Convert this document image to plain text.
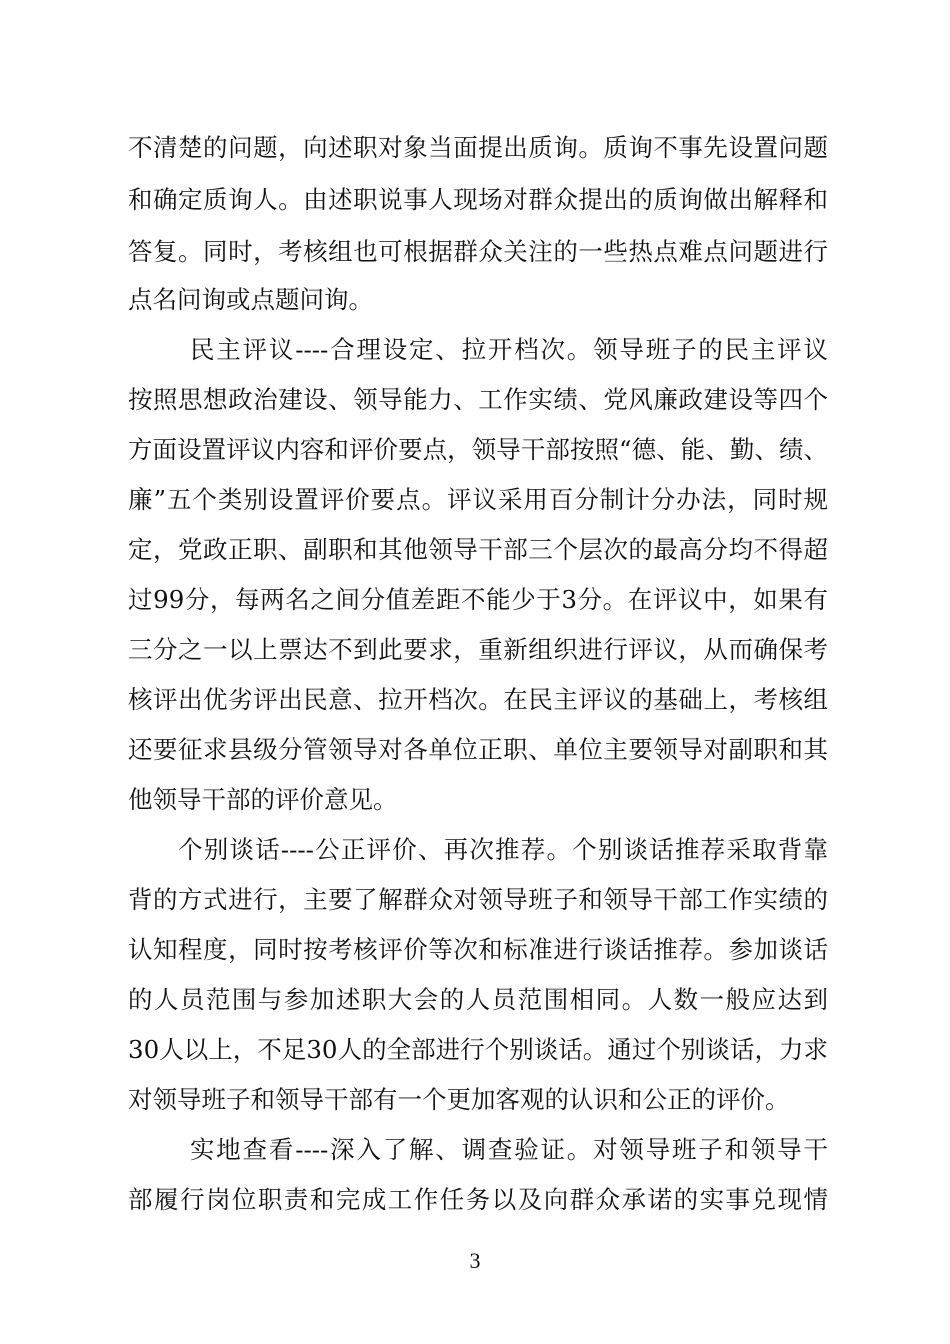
不清楚的问题，向述职对象当面提出质询。质询不事先设置问题
和确定质询人。由述职说事人现场对群众提出的质询做出解释和
答复。同时，考核组也可根据群众关注的一些热点难点问题进行
点名问询或点题问询。
民主评议----合理设定、拉开档次。领导班子的民主评议
按照思想政治建设、领导能力、工作实绩、党风廉政建设等四个
方面设置评议内容和评价要点，领导干部按照“德、能、勤、绩、
廉”五个类别设置评价要点。评议采用百分制计分办法，同时规
定，党政正职、副职和其他领导干部三个层次的最高分均不得超
过99分，每两名之间分值差距不能少于3分。在评议中，如果有
三分之一以上票达不到此要求，重新组织进行评议，从而确保考
核评出优劣评出民意、拉开档次。在民主评议的基础上，考核组
还要征求县级分管领导对各单位正职、单位主要领导对副职和其
他领导干部的评价意见。
个别谈话----公正评价、再次推荐。个别谈话推荐采取背靠
背的方式进行，主要了解群众对领导班子和领导干部工作实绩的
认知程度，同时按考核评价等次和标准进行谈话推荐。参加谈话
的人员范围与参加述职大会的人员范围相同。人数一般应达到
30人以上，不足30人的全部进行个别谈话。通过个别谈话，力求
对领导班子和领导干部有一个更加客观的认识和公正的评价。
实地查看----深入了解、调查验证。对领导班子和领导干
部履行岗位职责和完成工作任务以及向群众承诺的实事兑现情
3
